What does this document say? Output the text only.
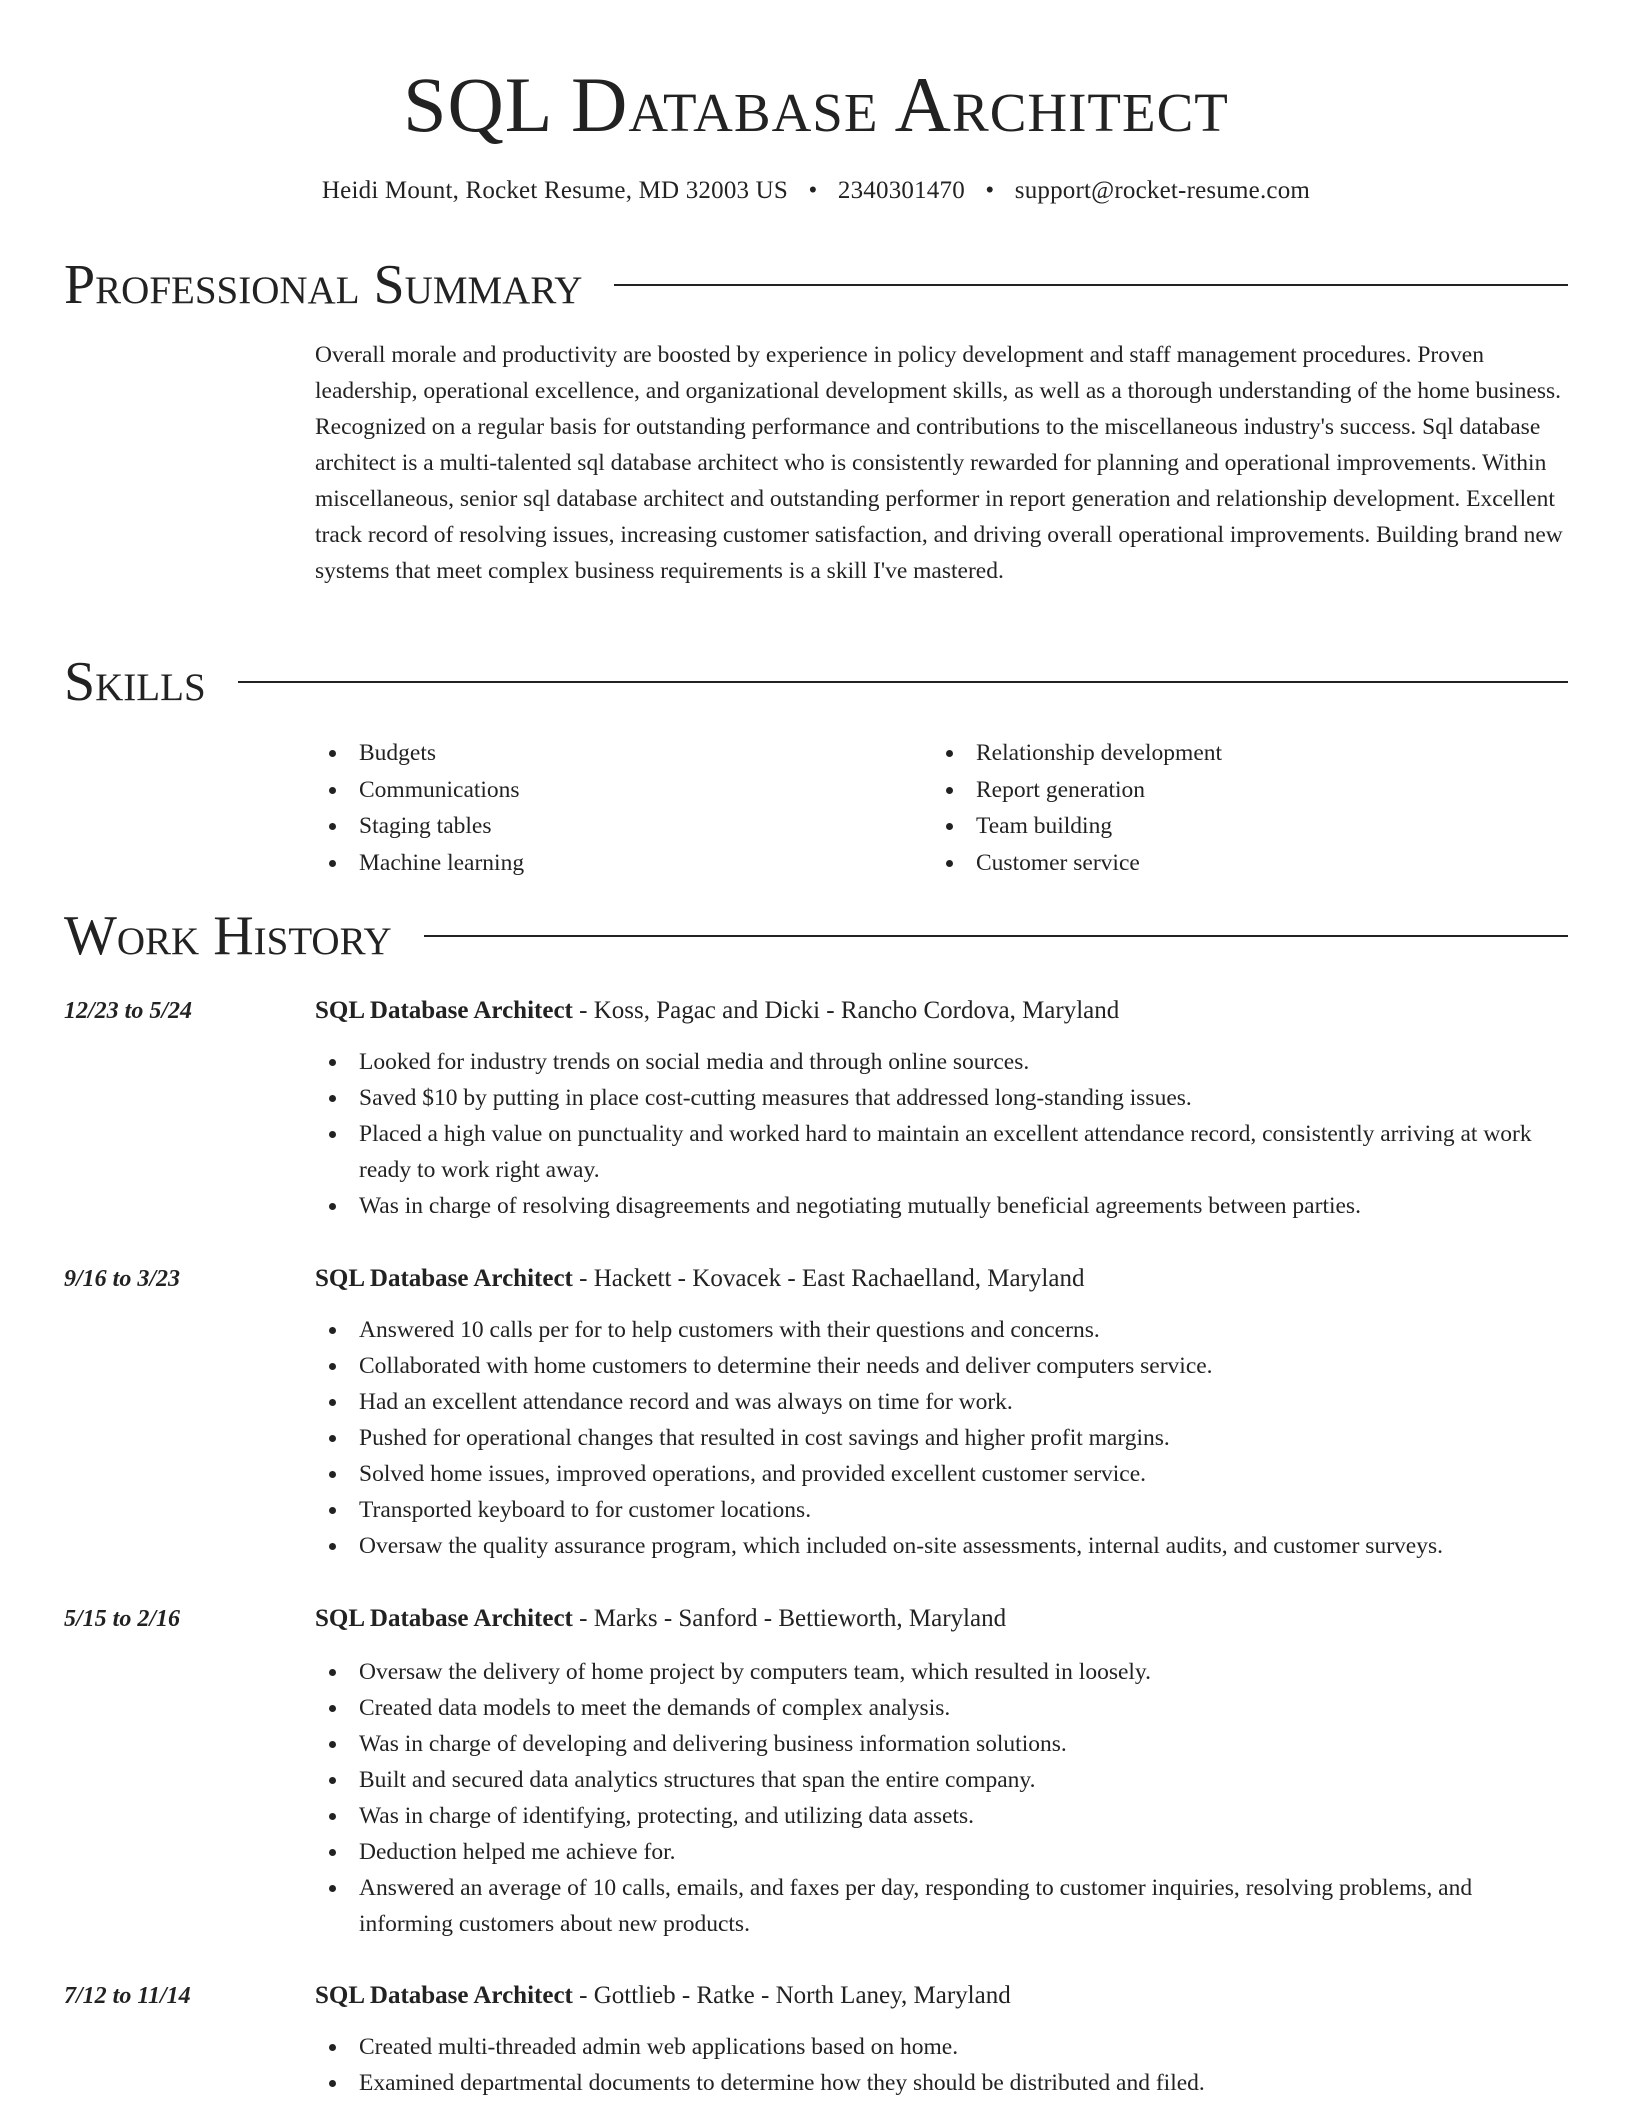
SQL Database Architect
Heidi Mount, Rocket Resume, MD 32003 US • 2340301470 • support@rocket-resume.com
Professional Summary
Overall morale and productivity are boosted by experience in policy development and staff management procedures. Proven leadership, operational excellence, and organizational development skills, as well as a thorough understanding of the home business. Recognized on a regular basis for outstanding performance and contributions to the miscellaneous industry's success. Sql database architect is a multi-talented sql database architect who is consistently rewarded for planning and operational improvements. Within miscellaneous, senior sql database architect and outstanding performer in report generation and relationship development. Excellent track record of resolving issues, increasing customer satisfaction, and driving overall operational improvements. Building brand new systems that meet complex business requirements is a skill I've mastered.
Skills
Budgets
Communications
Staging tables
Machine learning
Relationship development
Report generation
Team building
Customer service
Work History
12/23 to 5/24	SQL Database Architect - Koss, Pagac and Dicki - Rancho Cordova, Maryland
Looked for industry trends on social media and through online sources.
Saved $10 by putting in place cost-cutting measures that addressed long-standing issues.
Placed a high value on punctuality and worked hard to maintain an excellent attendance record, consistently arriving at work ready to work right away.
Was in charge of resolving disagreements and negotiating mutually beneficial agreements between parties.
9/16 to 3/23	SQL Database Architect - Hackett - Kovacek - East Rachaelland, Maryland
Answered 10 calls per for to help customers with their questions and concerns.
Collaborated with home customers to determine their needs and deliver computers service.
Had an excellent attendance record and was always on time for work.
Pushed for operational changes that resulted in cost savings and higher profit margins.
Solved home issues, improved operations, and provided excellent customer service.
Transported keyboard to for customer locations.
Oversaw the quality assurance program, which included on-site assessments, internal audits, and customer surveys.
5/15 to 2/16	SQL Database Architect - Marks - Sanford - Bettieworth, Maryland
Oversaw the delivery of home project by computers team, which resulted in loosely.
Created data models to meet the demands of complex analysis.
Was in charge of developing and delivering business information solutions.
Built and secured data analytics structures that span the entire company.
Was in charge of identifying, protecting, and utilizing data assets.
Deduction helped me achieve for.
Answered an average of 10 calls, emails, and faxes per day, responding to customer inquiries, resolving problems, and informing customers about new products.
7/12 to 11/14	SQL Database Architect - Gottlieb - Ratke - North Laney, Maryland
Created multi-threaded admin web applications based on home.
Examined departmental documents to determine how they should be distributed and filed.
